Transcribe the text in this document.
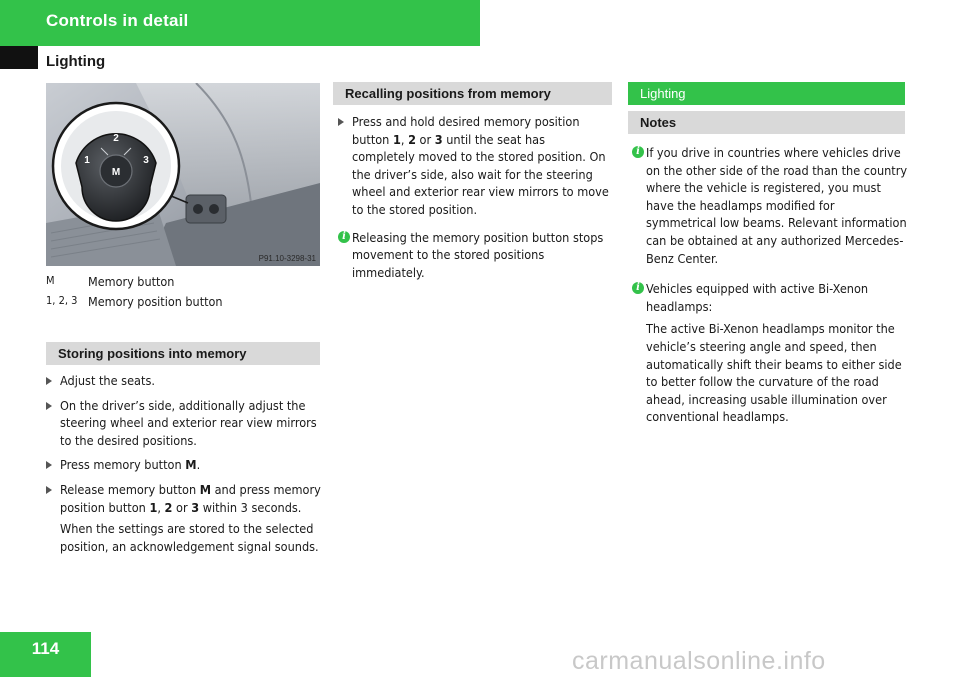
Controls in detail
Lighting
2
1	3
M
P91.10-3298-31
M	Memory button
1, 2, 3 Memory position button
Storing positions into memory

Adjust the seats.

On the driver’s side, additionally adjust the steering wheel and exterior rear view mirrors to the desired positions.

Press memory button M.

Release memory button M and press memory position button 1, 2 or 3 within 3 seconds.

When the settings are stored to the selected position, an acknowledgement signal sounds.

Recalling positions from memory

Press and hold desired memory position button 1, 2 or 3 until the seat has completely moved to the stored position. On the driver’s side, also wait for the steering wheel and exterior rear view mirrors to move to the stored position.

i Releasing the memory position button stops movement to the stored positions immediately.

Lighting
Notes
i If you drive in countries where vehicles drive on the other side of the road than the country where the vehicle is registered, you must have the headlamps modified for symmetrical low beams. Relevant information can be obtained at any authorized Mercedes-Benz Center.

i Vehicles equipped with active Bi-Xenon headlamps:

The active Bi-Xenon headlamps monitor the vehicle’s steering angle and speed, then automatically shift their beams to either side to better follow the curvature of the road ahead, increasing usable illumination over conventional headlamps.

114	carmanualsonline.info
